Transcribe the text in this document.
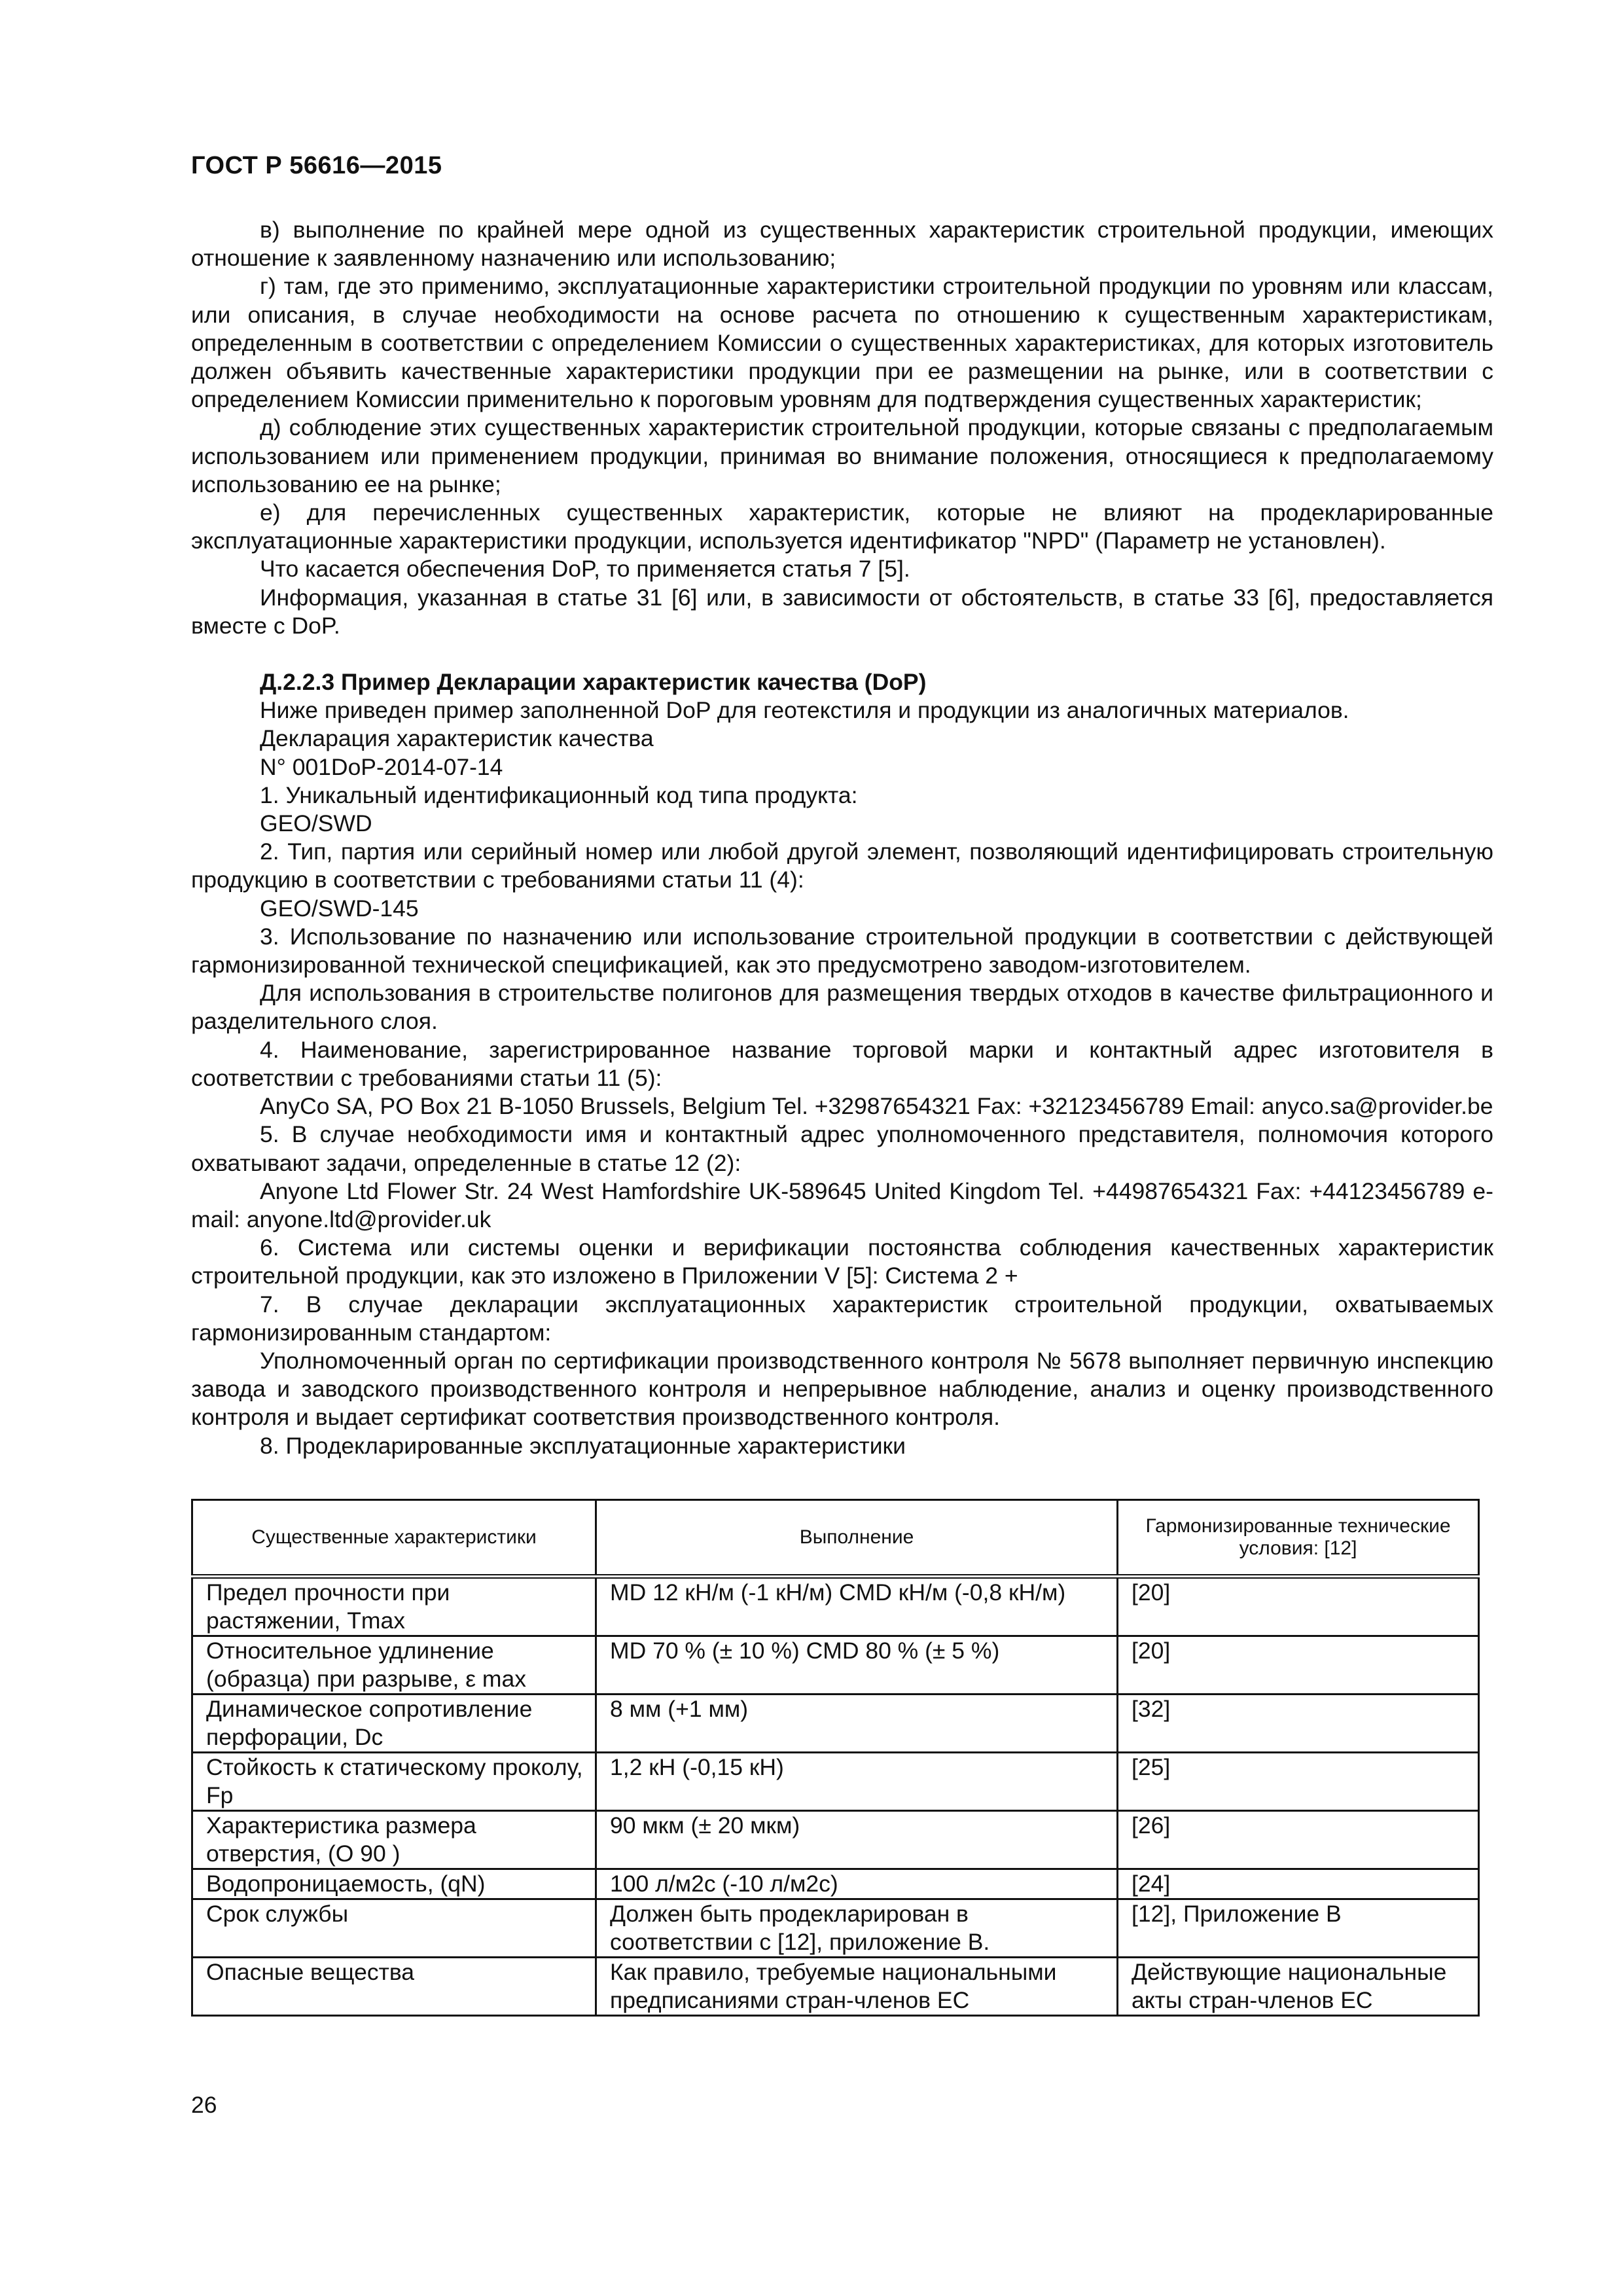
ГОСТ Р 56616—2015

в) выполнение по крайней мере одной из существенных характеристик строительной продукции, имеющих отношение к заявленному назначению или использованию;

г) там, где это применимо, эксплуатационные характеристики строительной продукции по уровням или классам, или описания, в случае необходимости на основе расчета по отношению к существенным характеристикам, определенным в соответствии с определением Комиссии о существенных характеристиках, для которых изготовитель должен объявить качественные характеристики продукции при ее размещении на рынке, или в соответствии с определением Комиссии применительно к пороговым уровням для подтверждения существенных характеристик;

д) соблюдение этих существенных характеристик строительной продукции, которые связаны с предполагаемым использованием или применением продукции, принимая во внимание положения, относящиеся к предполагаемому использованию ее на рынке;

е) для перечисленных существенных характеристик, которые не влияют на продекларированные эксплуатационные характеристики продукции, используется идентификатор "NPD" (Параметр не установлен).

Что касается обеспечения DoP, то применяется статья 7 [5].

Информация, указанная в статье 31 [6] или, в зависимости от обстоятельств, в статье 33 [6], предоставляется вместе с DoP.

Д.2.2.3 Пример Декларации характеристик качества (DoP)

Ниже приведен пример заполненной DoP для геотекстиля и продукции из аналогичных материалов.

Декларация характеристик качества

N° 001DoP-2014-07-14

1. Уникальный идентификационный код типа продукта:

GEO/SWD

2. Тип, партия или серийный номер или любой другой элемент, позволяющий идентифицировать строительную продукцию в соответствии с требованиями статьи 11 (4):

GEO/SWD-145

3. Использование по назначению или использование строительной продукции в соответствии с действующей гармонизированной технической спецификацией, как это предусмотрено заводом-изготовителем.

Для использования в строительстве полигонов для размещения твердых отходов в качестве фильтрационного и разделительного слоя.

4. Наименование, зарегистрированное название торговой марки и контактный адрес изготовителя в соответствии с требованиями статьи 11 (5):

AnyCo SA, PO Box 21 B-1050 Brussels, Belgium Tel. +32987654321 Fax: +32123456789 Email: anyco.sa@provider.be

5. В случае необходимости имя и контактный адрес уполномоченного представителя, полномочия которого охватывают задачи, определенные в статье 12 (2):

Anyone Ltd Flower Str. 24 West Hamfordshire UK-589645 United Kingdom Tel. +44987654321 Fax: +44123456789 e-mail: anyone.ltd@provider.uk

6. Система или системы оценки и верификации постоянства соблюдения качественных характеристик строительной продукции, как это изложено в Приложении V [5]: Система 2 +

7. В случае декларации эксплуатационных характеристик строительной продукции, охватываемых гармонизированным стандартом:

Уполномоченный орган по сертификации производственного контроля № 5678 выполняет первичную инспекцию завода и заводского производственного контроля и непрерывное наблюдение, анализ и оценку производственного контроля и выдает сертификат соответствия производственного контроля.

8. Продекларированные эксплуатационные характеристики

Существенные характеристики	Выполнение	Гармонизированные технические условия: [12]
Предел прочности при растяжении, Tmax	MD 12 кН/м (-1 кН/м) CMD кН/м (-0,8 кН/м)	[20]
Относительное удлинение (образца) при разрыве, ε max	MD 70 % (± 10 %) CMD 80 % (± 5 %)	[20]
Динамическое сопротивление перфорации, Dc	8 мм (+1 мм)	[32]
Стойкость к статическому проколу, Fp	1,2 кН (-0,15 кН)	[25]
Характеристика размера отверстия, (O 90 )	90 мкм (± 20 мкм)	[26]
Водопроницаемость, (qN)	100 л/м2с (-10 л/м2с)	[24]
Срок службы	Должен быть продекларирован в соответствии с [12], приложение В.	[12], Приложение В
Опасные вещества	Как правило, требуемые национальными предписаниями стран-членов ЕС	Действующие национальные акты стран-членов ЕС
26
